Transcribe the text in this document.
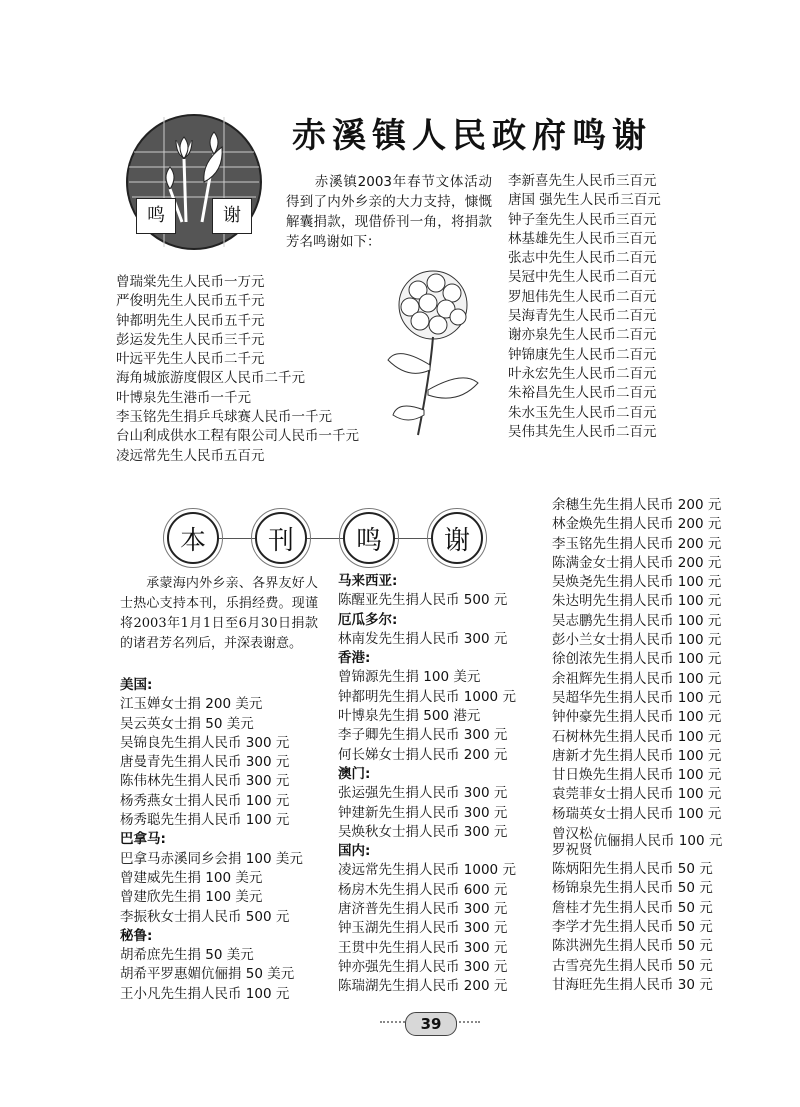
鸣	谢
赤溪镇人民政府鸣谢
赤溪镇2003年春节文体活动得到了内外乡亲的大力支持，慷慨解囊捐款，现借侨刊一角，将捐款芳名鸣谢如下：
曾瑞棠先生人民币一万元
严俊明先生人民币五千元
钟都明先生人民币五千元
彭运发先生人民币三千元
叶远平先生人民币二千元
海角城旅游度假区人民币二千元
叶博泉先生港币一千元
李玉铭先生捐乒乓球赛人民币一千元
台山利成供水工程有限公司人民币一千元
凌远常先生人民币五百元
李新喜先生人民币三百元
唐国 强先生人民币三百元
钟子奎先生人民币三百元
林基雄先生人民币三百元
张志中先生人民币二百元
吴冠中先生人民币二百元
罗旭伟先生人民币二百元
吴海青先生人民币二百元
谢亦泉先生人民币二百元
钟锦康先生人民币二百元
叶永宏先生人民币二百元
朱裕昌先生人民币二百元
朱水玉先生人民币二百元
吴伟其先生人民币二百元
本	刊	鸣	谢
承蒙海内外乡亲、各界友好人士热心支持本刊，乐捐经费。现谨将2003年1月1日至6月30日捐款的诸君芳名列后，并深表谢意。
美国:
江玉婵女士捐 200 美元
吴云英女士捐 50 美元
吴锦良先生捐人民币 300 元
唐曼青先生捐人民币 300 元
陈伟林先生捐人民币 300 元
杨秀燕女士捐人民币 100 元
杨秀聪先生捐人民币 100 元
巴拿马:
巴拿马赤溪同乡会捐 100 美元
曾建威先生捐 100 美元
曾建欣先生捐 100 美元
李振秋女士捐人民币 500 元
秘鲁:
胡希庶先生捐 50 美元
胡希平罗惠媚伉俪捐 50 美元
王小凡先生捐人民币 100 元
马来西亚:
陈醒亚先生捐人民币 500 元
厄瓜多尔:
林南发先生捐人民币 300 元
香港:
曾锦源先生捐 100 美元
钟都明先生捐人民币 1000 元
叶博泉先生捐 500 港元
李子卿先生捐人民币 300 元
何长娣女士捐人民币 200 元
澳门:
张运强先生捐人民币 300 元
钟建新先生捐人民币 300 元
吴焕秋女士捐人民币 300 元
国内:
凌远常先生捐人民币 1000 元
杨房木先生捐人民币 600 元
唐济普先生捐人民币 300 元
钟玉湖先生捐人民币 300 元
王贯中先生捐人民币 300 元
钟亦强先生捐人民币 300 元
陈瑞湖先生捐人民币 200 元
余穗生先生捐人民币 200 元
林金焕先生捐人民币 200 元
李玉铭先生捐人民币 200 元
陈满金女士捐人民币 200 元
吴焕尧先生捐人民币 100 元
朱达明先生捐人民币 100 元
吴志鹏先生捐人民币 100 元
彭小兰女士捐人民币 100 元
徐创浓先生捐人民币 100 元
余祖辉先生捐人民币 100 元
吴超华先生捐人民币 100 元
钟仲豪先生捐人民币 100 元
石树林先生捐人民币 100 元
唐新才先生捐人民币 100 元
甘日焕先生捐人民币 100 元
袁莞菲女士捐人民币 100 元
杨瑞英女士捐人民币 100 元
曾汉松
罗祝贤
伉俪捐人民币 100 元
陈炳阳先生捐人民币 50 元
杨锦泉先生捐人民币 50 元
詹桂才先生捐人民币 50 元
李学才先生捐人民币 50 元
陈洪洲先生捐人民币 50 元
古雪亮先生捐人民币 50 元
甘海旺先生捐人民币 30 元
39
